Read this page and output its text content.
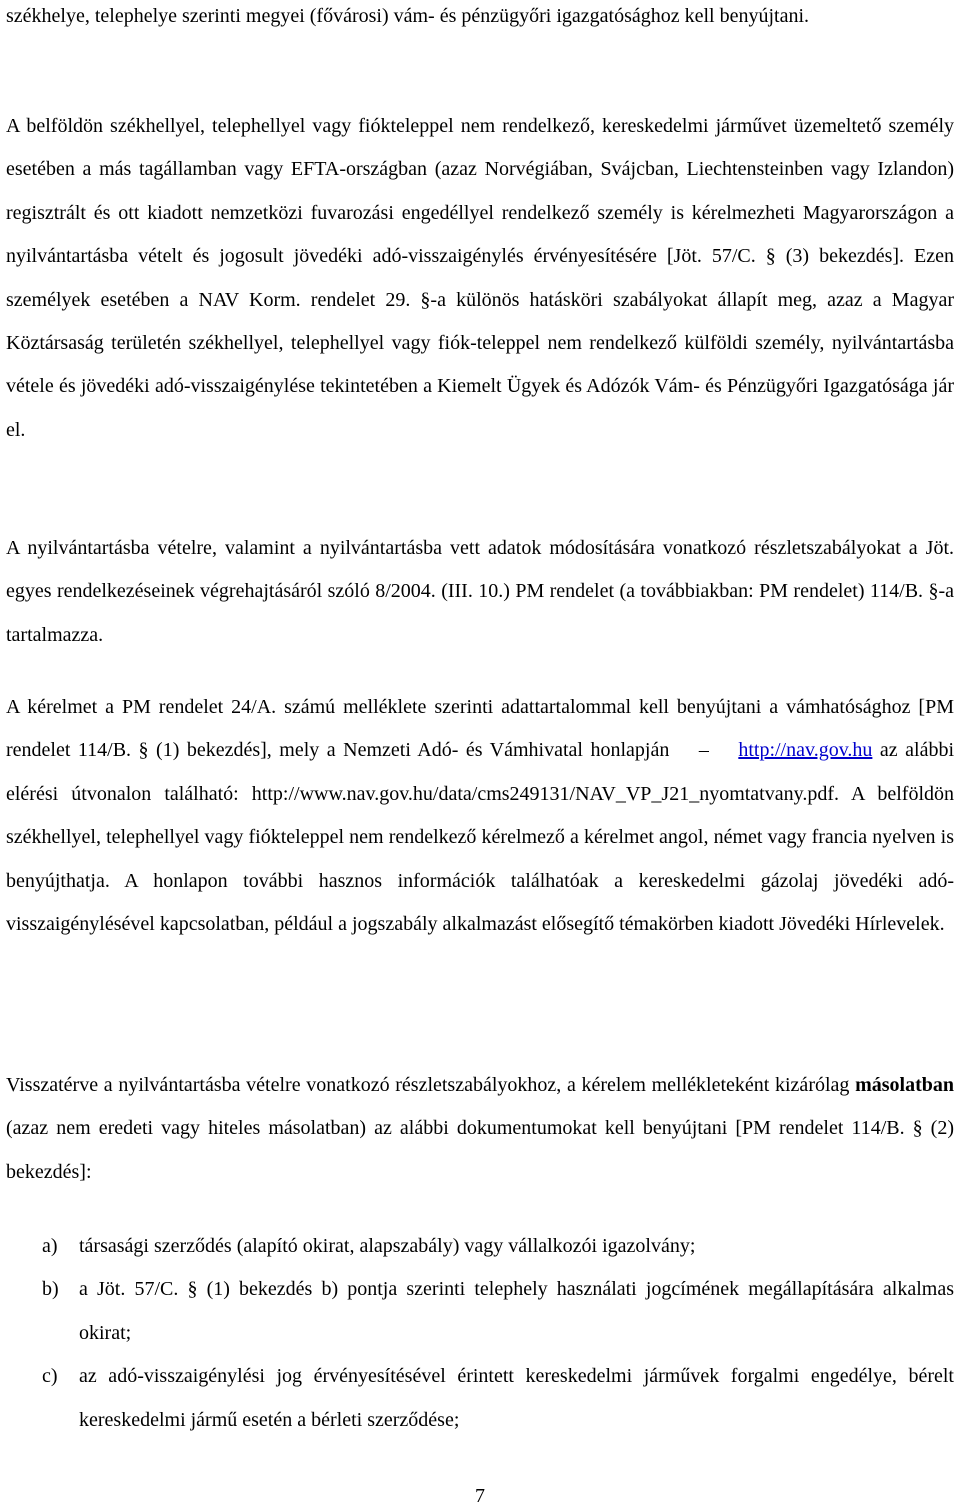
székhelye, telephelye szerinti megyei (fővárosi) vám- és pénzügyőri igazgatósághoz kell benyújtani.

A belföldön székhellyel, telephellyel vagy fiókteleppel nem rendelkező, kereskedelmi járművet üzemeltető személy esetében a más tagállamban vagy EFTA-országban (azaz Norvégiában, Svájcban, Liechtensteinben vagy Izlandon) regisztrált és ott kiadott nemzetközi fuvarozási engedéllyel rendelkező személy is kérelmezheti Magyarországon a nyilvántartásba vételt és jogosult jövedéki adó-visszaigénylés érvényesítésére [Jöt. 57/C. § (3) bekezdés]. Ezen személyek esetében a NAV Korm. rendelet 29. §-a különös hatásköri szabályokat állapít meg, azaz a Magyar Köztársaság területén székhellyel, telephellyel vagy fiók-teleppel nem rendelkező külföldi személy, nyilvántartásba vétele és jövedéki adó-visszaigénylése tekintetében a Kiemelt Ügyek és Adózók Vám- és Pénzügyőri Igazgatósága jár el.

A nyilvántartásba vételre, valamint a nyilvántartásba vett adatok módosítására vonatkozó részletszabályokat a Jöt. egyes rendelkezéseinek végrehajtásáról szóló 8/2004. (III. 10.) PM rendelet (a továbbiakban: PM rendelet) 114/B. §-a tartalmazza.

A kérelmet a PM rendelet 24/A. számú melléklete szerinti adattartalommal kell benyújtani a vámhatósághoz [PM rendelet 114/B. § (1) bekezdés], mely a Nemzeti Adó- és Vámhivatal honlapján – http://nav.gov.hu az alábbi elérési útvonalon található: http://www.nav.gov.hu/data/cms249131/NAV_VP_J21_nyomtatvany.pdf. A belföldön székhellyel, telephellyel vagy fiókteleppel nem rendelkező kérelmező a kérelmet angol, német vagy francia nyelven is benyújthatja. A honlapon további hasznos információk találhatóak a kereskedelmi gázolaj jövedéki adó-visszaigénylésével kapcsolatban, például a jogszabály alkalmazást elősegítő témakörben kiadott Jövedéki Hírlevelek.

Visszatérve a nyilvántartásba vételre vonatkozó részletszabályokhoz, a kérelem mellékleteként kizárólag másolatban (azaz nem eredeti vagy hiteles másolatban) az alábbi dokumentumokat kell benyújtani [PM rendelet 114/B. § (2) bekezdés]:

a) társasági szerződés (alapító okirat, alapszabály) vagy vállalkozói igazolvány;
b) a Jöt. 57/C. § (1) bekezdés b) pontja szerinti telephely használati jogcímének megállapítására alkalmas okirat;
c) az adó-visszaigénylési jog érvényesítésével érintett kereskedelmi járművek forgalmi engedélye, bérelt kereskedelmi jármű esetén a bérleti szerződése;
7
